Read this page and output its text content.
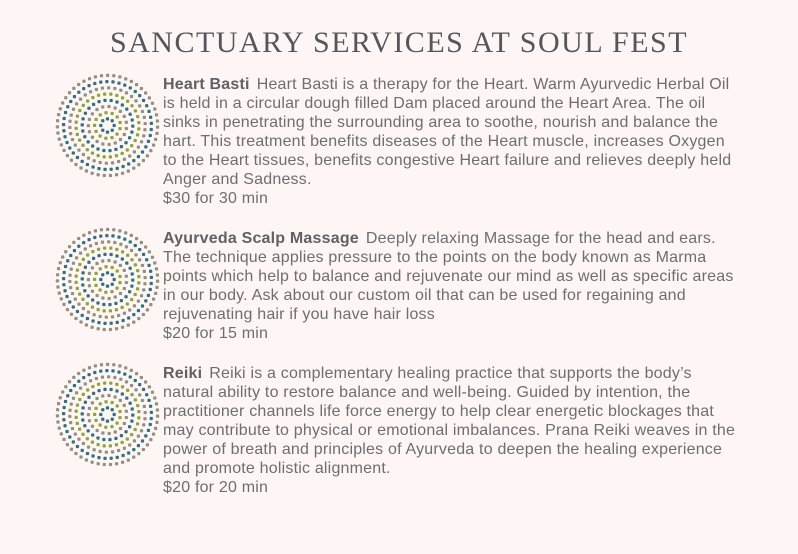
SANCTUARY SERVICES AT SOUL FEST
Heart Basti Heart Basti is a therapy for the Heart. Warm Ayurvedic Herbal Oil is held in a circular dough filled Dam placed around the Heart Area. The oil sinks in penetrating the surrounding area to soothe, nourish and balance the hart. This treatment benefits diseases of the Heart muscle, increases Oxygen to the Heart tissues, benefits congestive Heart failure and relieves deeply held Anger and Sadness.
$30 for 30 min
Ayurveda Scalp Massage Deeply relaxing Massage for the head and ears. The technique applies pressure to the points on the body known as Marma points which help to balance and rejuvenate our mind as well as specific areas in our body. Ask about our custom oil that can be used for regaining and rejuvenating hair if you have hair loss
$20 for 15 min
Reiki Reiki is a complementary healing practice that supports the body’s natural ability to restore balance and well-being. Guided by intention, the practitioner channels life force energy to help clear energetic blockages that may contribute to physical or emotional imbalances. Prana Reiki weaves in the power of breath and principles of Ayurveda to deepen the healing experience and promote holistic alignment.
$20 for 20 min
